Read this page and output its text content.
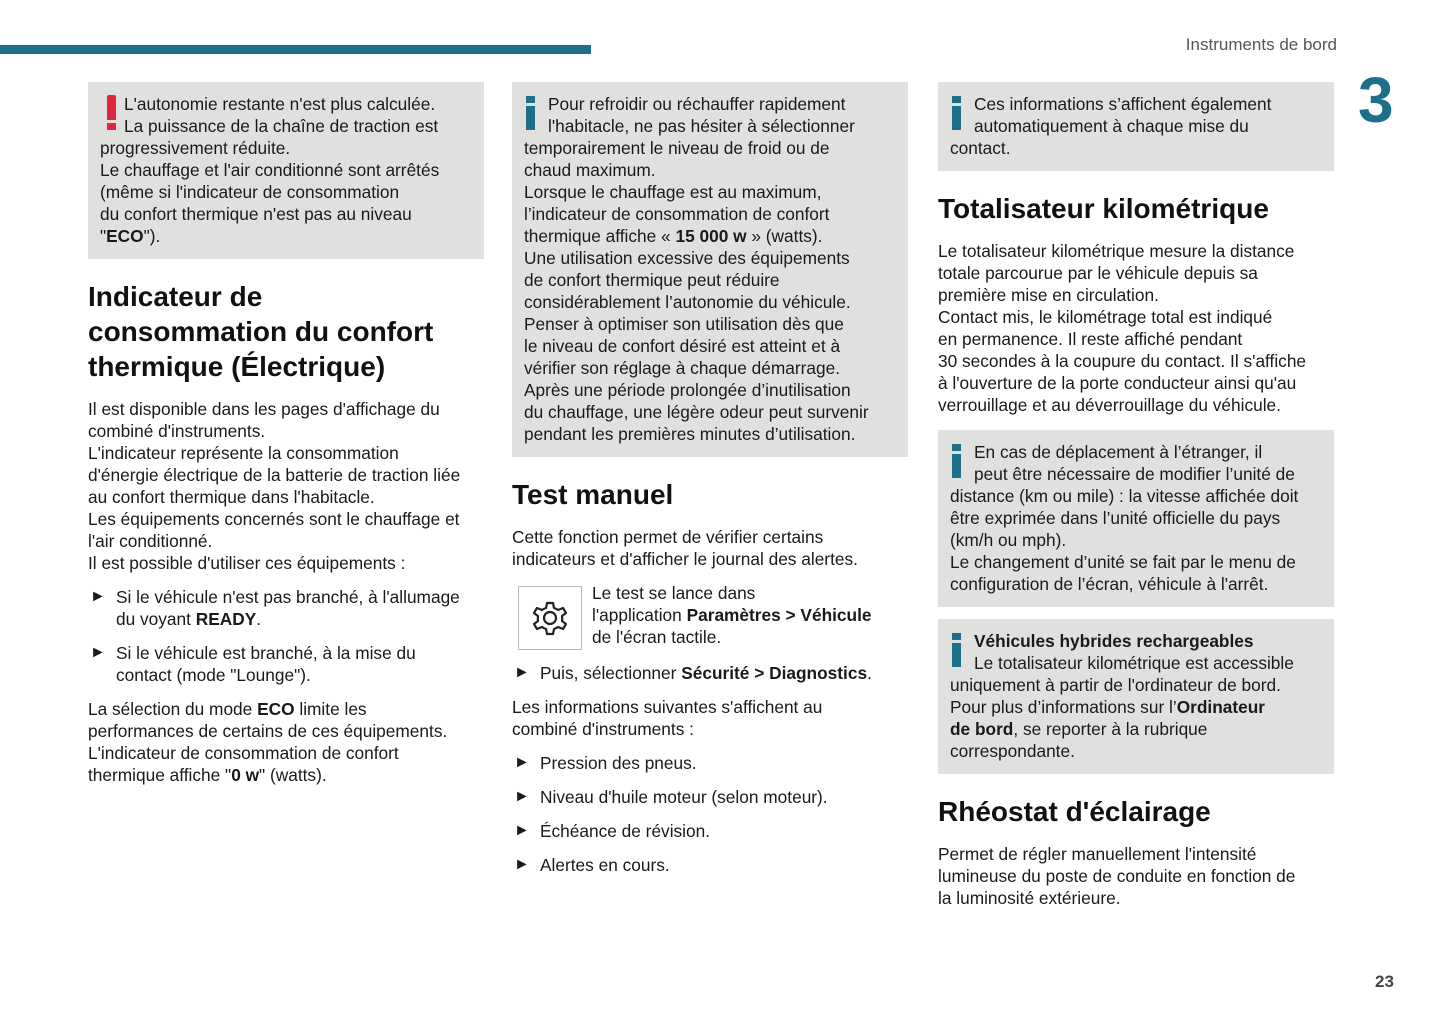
Instruments de bord
3
23

L'autonomie restante n'est plus calculée.

La puissance de la chaîne de traction est

progressivement réduite.

Le chauffage et l'air conditionné sont arrêtés

(même si l'indicateur de consommation

du confort thermique n'est pas au niveau

"ECO").

Indicateur de consommation du confort thermique (Électrique)

Il est disponible dans les pages d'affichage du

combiné d'instruments.

L'indicateur représente la consommation

d'énergie électrique de la batterie de traction liée

au confort thermique dans l'habitacle.

Les équipements concernés sont le chauffage et

l'air conditionné.

Il est possible d'utiliser ces équipements :

► Si le véhicule n'est pas branché, à l'allumage
du voyant READY.
► Si le véhicule est branché, à la mise du
contact (mode "Lounge").

La sélection du mode ECO limite les

performances de certains de ces équipements.

L'indicateur de consommation de confort

thermique affiche "0 w" (watts).

Pour refroidir ou réchauffer rapidement

l'habitacle, ne pas hésiter à sélectionner

temporairement le niveau de froid ou de

chaud maximum.

Lorsque le chauffage est au maximum,

l’indicateur de consommation de confort

thermique affiche « 15 000 w » (watts).

Une utilisation excessive des équipements

de confort thermique peut réduire

considérablement l’autonomie du véhicule.

Penser à optimiser son utilisation dès que

le niveau de confort désiré est atteint et à

vérifier son réglage à chaque démarrage.

Après une période prolongée d’inutilisation

du chauffage, une légère odeur peut survenir

pendant les premières minutes d’utilisation.

Test manuel

Cette fonction permet de vérifier certains

indicateurs et d'afficher le journal des alertes.

Le test se lance dans
l'application Paramètres > Véhicule
de l'écran tactile.
► Puis, sélectionner Sécurité > Diagnostics.

Les informations suivantes s'affichent au

combiné d'instruments :

► Pression des pneus.
► Niveau d'huile moteur (selon moteur).
► Échéance de révision.
► Alertes en cours.

Ces informations s’affichent également

automatiquement à chaque mise du

contact.

Totalisateur kilométrique

Le totalisateur kilométrique mesure la distance

totale parcourue par le véhicule depuis sa

première mise en circulation.

Contact mis, le kilométrage total est indiqué

en permanence. Il reste affiché pendant

30 secondes à la coupure du contact. Il s'affiche

à l'ouverture de la porte conducteur ainsi qu'au

verrouillage et au déverrouillage du véhicule.

En cas de déplacement à l’étranger, il

peut être nécessaire de modifier l’unité de

distance (km ou mile) : la vitesse affichée doit

être exprimée dans l’unité officielle du pays

(km/h ou mph).

Le changement d’unité se fait par le menu de

configuration de l’écran, véhicule à l'arrêt.

Véhicules hybrides rechargeables

Le totalisateur kilométrique est accessible

uniquement à partir de l'ordinateur de bord.

Pour plus d’informations sur l’Ordinateur

de bord, se reporter à la rubrique

correspondante.

Rhéostat d'éclairage

Permet de régler manuellement l'intensité

lumineuse du poste de conduite en fonction de

la luminosité extérieure.
